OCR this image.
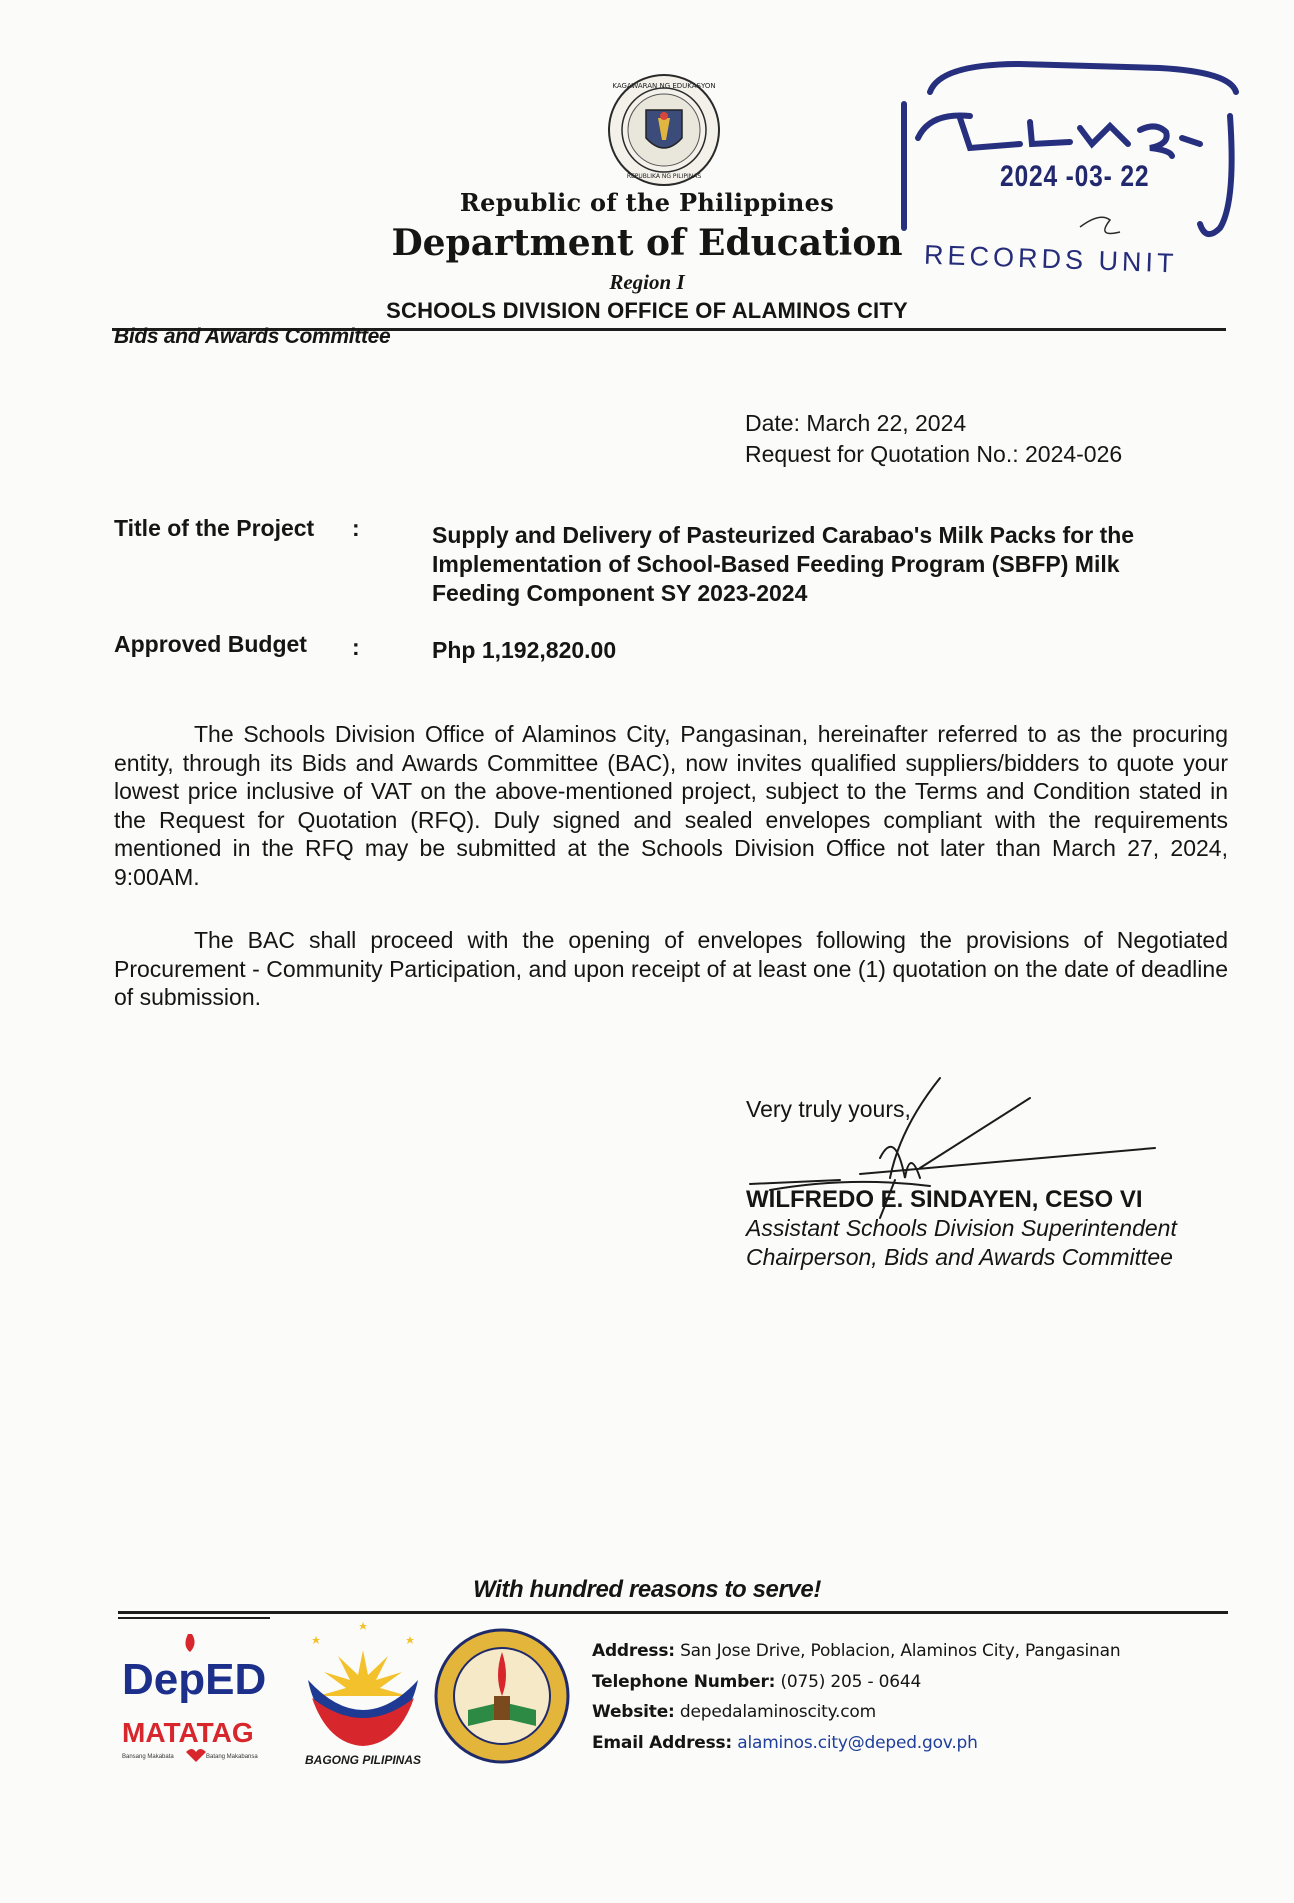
KAGAWARAN NG EDUKASYON
REPUBLIKA NG PILIPINAS
Republic of the Philippines
Department of Education
Region I
SCHOOLS DIVISION OFFICE OF ALAMINOS CITY
Bids and Awards Committee
2024 -03- 22
RECORDS UNIT
Date: March 22, 2024
Request for Quotation No.: 2024-026
Title of the Project :	Supply and Delivery of Pasteurized Carabao's Milk Packs for the
Implementation of School-Based Feeding Program (SBFP) Milk
Feeding Component SY 2023-2024
Approved Budget :	Php 1,192,820.00
The Schools Division Office of Alaminos City, Pangasinan, hereinafter referred to as the procuring entity, through its Bids and Awards Committee (BAC), now invites qualified suppliers/bidders to quote your lowest price inclusive of VAT on the above-mentioned project, subject to the Terms and Condition stated in the Request for Quotation (RFQ). Duly signed and sealed envelopes compliant with the requirements mentioned in the RFQ may be submitted at the Schools Division Office not later than March 27, 2024, 9:00AM.
The BAC shall proceed with the opening of envelopes following the provisions of Negotiated Procurement - Community Participation, and upon receipt of at least one (1) quotation on the date of deadline of submission.
Very truly yours,
WILFREDO E. SINDAYEN, CESO VI
Assistant Schools Division Superintendent
Chairperson, Bids and Awards Committee
With hundred reasons to serve!
DepED
MATATAG
Bansang Makabata	Batang Makabansa	BAGONG PILIPINAS
Address: San Jose Drive, Poblacion, Alaminos City, Pangasinan
Telephone Number: (075) 205 - 0644
Website: depedalaminoscity.com
Email Address: alaminos.city@deped.gov.ph
